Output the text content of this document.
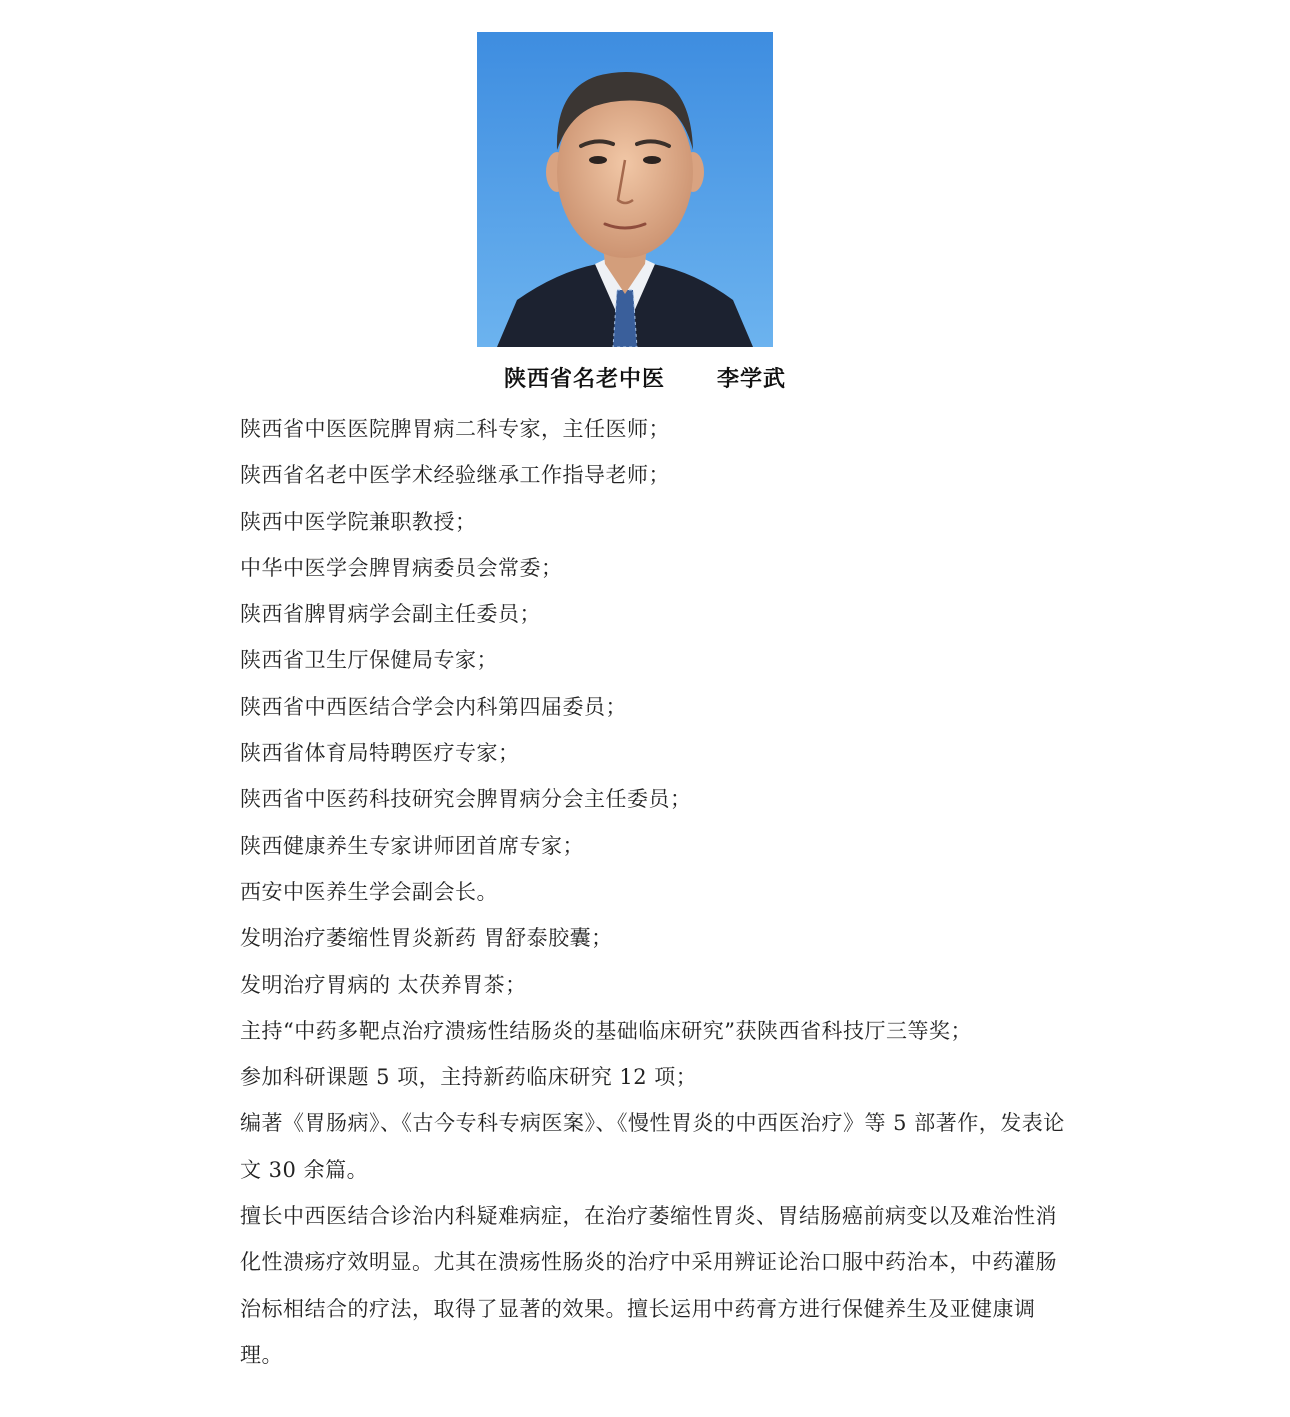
陕西省名老中医 李学武
陕西省中医医院脾胃病二科专家，主任医师；
陕西省名老中医学术经验继承工作指导老师；
陕西中医学院兼职教授；
中华中医学会脾胃病委员会常委；
陕西省脾胃病学会副主任委员；
陕西省卫生厅保健局专家；
陕西省中西医结合学会内科第四届委员；
陕西省体育局特聘医疗专家；
陕西省中医药科技研究会脾胃病分会主任委员；
陕西健康养生专家讲师团首席专家；
西安中医养生学会副会长。
发明治疗萎缩性胃炎新药 胃舒泰胶囊；
发明治疗胃病的 太茯养胃茶；
主持“中药多靶点治疗溃疡性结肠炎的基础临床研究”获陕西省科技厅三等奖；
参加科研课题 5 项，主持新药临床研究 12 项；
编著《胃肠病》、《古今专科专病医案》、《慢性胃炎的中西医治疗》等 5 部著作，发表论文 30 余篇。
擅长中西医结合诊治内科疑难病症，在治疗萎缩性胃炎、胃结肠癌前病变以及难治性消化性溃疡疗效明显。尤其在溃疡性肠炎的治疗中采用辨证论治口服中药治本，中药灌肠治标相结合的疗法，取得了显著的效果。擅长运用中药膏方进行保健养生及亚健康调理。
